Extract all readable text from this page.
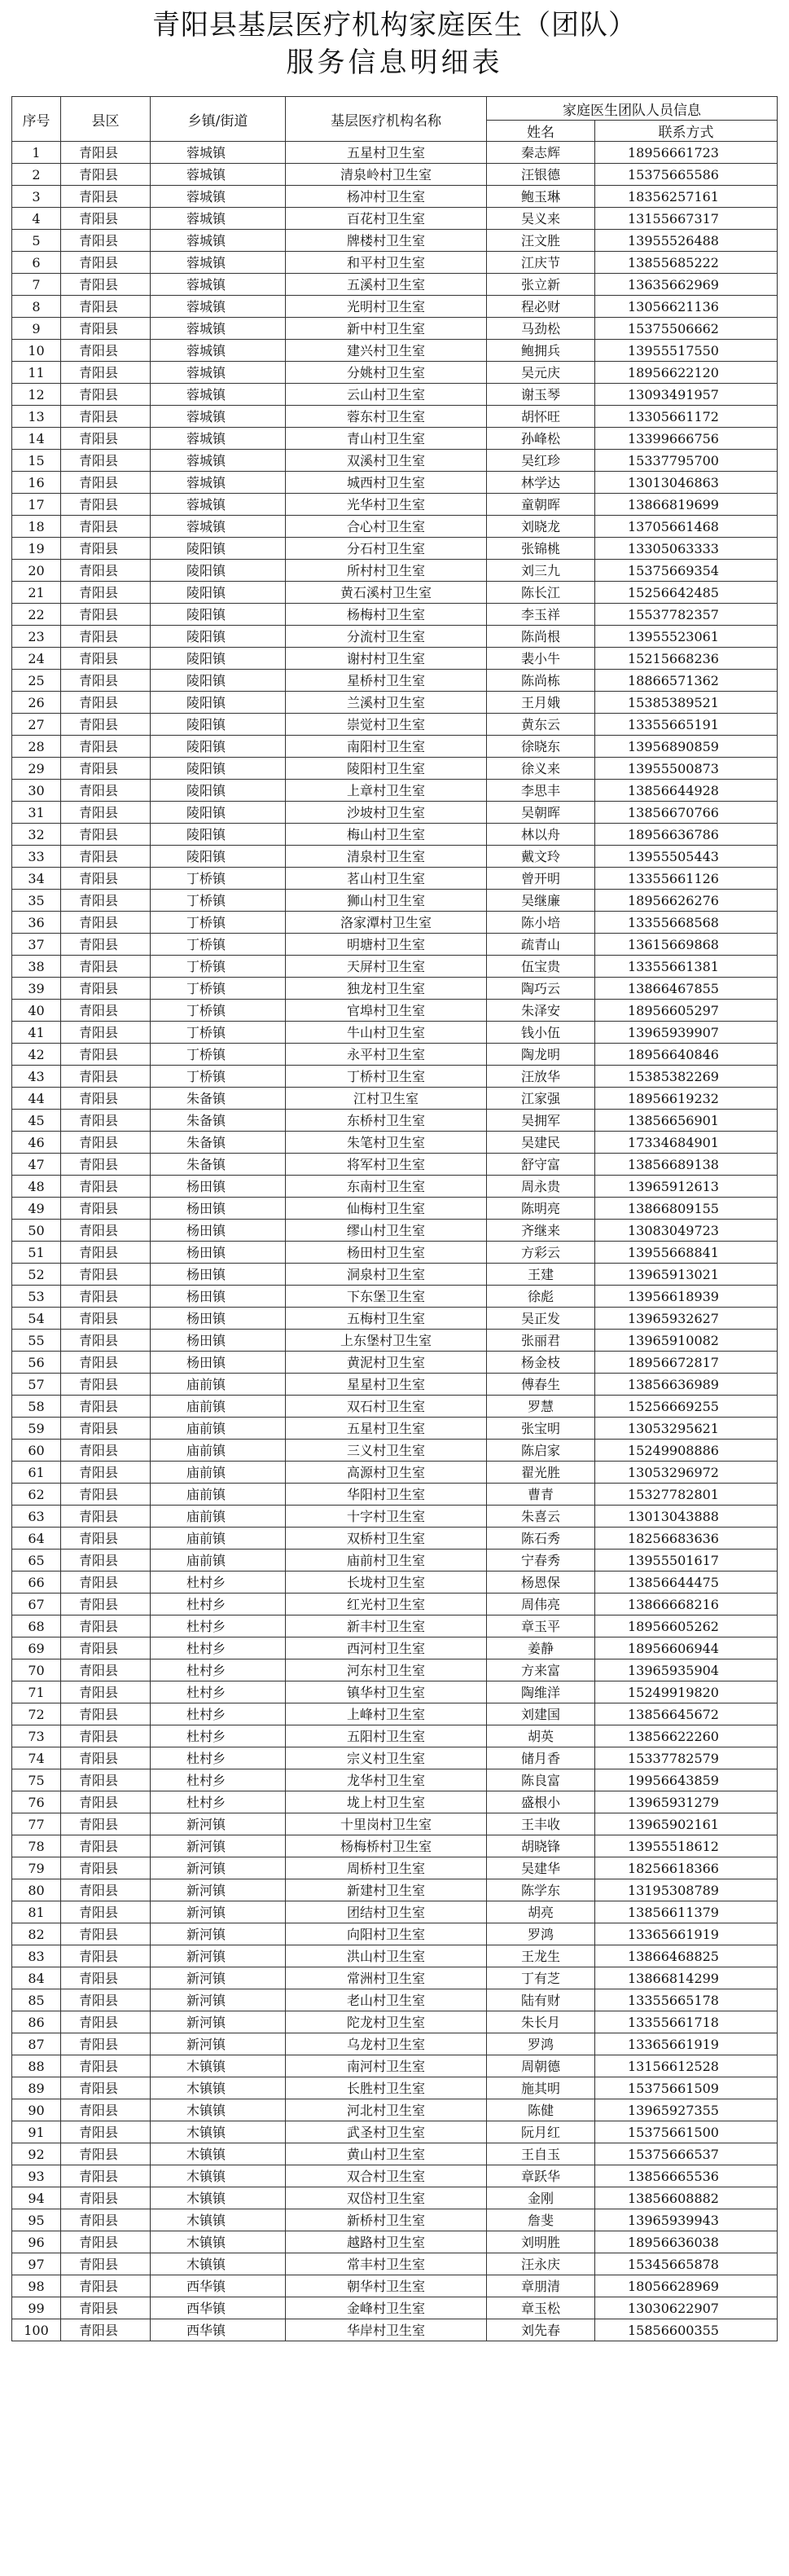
青阳县基层医疗机构家庭医生（团队）
服务信息明细表
序号	县区	乡镇/街道	基层医疗机构名称	家庭医生团队人员信息	
				姓名	联系方式
1	青阳县	蓉城镇	五星村卫生室	秦志辉	18956661723
2	青阳县	蓉城镇	清泉岭村卫生室	汪银德	15375665586
3	青阳县	蓉城镇	杨冲村卫生室	鲍玉琳	18356257161
4	青阳县	蓉城镇	百花村卫生室	吴义来	13155667317
5	青阳县	蓉城镇	牌楼村卫生室	汪文胜	13955526488
6	青阳县	蓉城镇	和平村卫生室	江庆节	13855685222
7	青阳县	蓉城镇	五溪村卫生室	张立新	13635662969
8	青阳县	蓉城镇	光明村卫生室	程必财	13056621136
9	青阳县	蓉城镇	新中村卫生室	马劲松	15375506662
10	青阳县	蓉城镇	建兴村卫生室	鲍拥兵	13955517550
11	青阳县	蓉城镇	分姚村卫生室	吴元庆	18956622120
12	青阳县	蓉城镇	云山村卫生室	谢玉琴	13093491957
13	青阳县	蓉城镇	蓉东村卫生室	胡怀旺	13305661172
14	青阳县	蓉城镇	青山村卫生室	孙峰松	13399666756
15	青阳县	蓉城镇	双溪村卫生室	吴红珍	15337795700
16	青阳县	蓉城镇	城西村卫生室	林学达	13013046863
17	青阳县	蓉城镇	光华村卫生室	童朝晖	13866819699
18	青阳县	蓉城镇	合心村卫生室	刘晓龙	13705661468
19	青阳县	陵阳镇	分石村卫生室	张锦桃	13305063333
20	青阳县	陵阳镇	所村村卫生室	刘三九	15375669354
21	青阳县	陵阳镇	黄石溪村卫生室	陈长江	15256642485
22	青阳县	陵阳镇	杨梅村卫生室	李玉祥	15537782357
23	青阳县	陵阳镇	分流村卫生室	陈尚根	13955523061
24	青阳县	陵阳镇	谢村村卫生室	裴小牛	15215668236
25	青阳县	陵阳镇	星桥村卫生室	陈尚栋	18866571362
26	青阳县	陵阳镇	兰溪村卫生室	王月娥	15385389521
27	青阳县	陵阳镇	崇觉村卫生室	黄东云	13355665191
28	青阳县	陵阳镇	南阳村卫生室	徐晓东	13956890859
29	青阳县	陵阳镇	陵阳村卫生室	徐义来	13955500873
30	青阳县	陵阳镇	上章村卫生室	李思丰	13856644928
31	青阳县	陵阳镇	沙坡村卫生室	吴朝晖	13856670766
32	青阳县	陵阳镇	梅山村卫生室	林以舟	18956636786
33	青阳县	陵阳镇	清泉村卫生室	戴文玲	13955505443
34	青阳县	丁桥镇	茗山村卫生室	曾开明	13355661126
35	青阳县	丁桥镇	狮山村卫生室	吴继廉	18956626276
36	青阳县	丁桥镇	洛家潭村卫生室	陈小培	13355668568
37	青阳县	丁桥镇	明塘村卫生室	疏青山	13615669868
38	青阳县	丁桥镇	天屏村卫生室	伍宝贵	13355661381
39	青阳县	丁桥镇	独龙村卫生室	陶巧云	13866467855
40	青阳县	丁桥镇	官埠村卫生室	朱泽安	18956605297
41	青阳县	丁桥镇	牛山村卫生室	钱小伍	13965939907
42	青阳县	丁桥镇	永平村卫生室	陶龙明	18956640846
43	青阳县	丁桥镇	丁桥村卫生室	汪放华	15385382269
44	青阳县	朱备镇	江村卫生室	江家强	18956619232
45	青阳县	朱备镇	东桥村卫生室	吴拥军	13856656901
46	青阳县	朱备镇	朱笔村卫生室	吴建民	17334684901
47	青阳县	朱备镇	将军村卫生室	舒守富	13856689138
48	青阳县	杨田镇	东南村卫生室	周永贵	13965912613
49	青阳县	杨田镇	仙梅村卫生室	陈明亮	13866809155
50	青阳县	杨田镇	缪山村卫生室	齐继来	13083049723
51	青阳县	杨田镇	杨田村卫生室	方彩云	13955668841
52	青阳县	杨田镇	洞泉村卫生室	王建	13965913021
53	青阳县	杨田镇	下东堡卫生室	徐彪	13956618939
54	青阳县	杨田镇	五梅村卫生室	吴正发	13965932627
55	青阳县	杨田镇	上东堡村卫生室	张丽君	13965910082
56	青阳县	杨田镇	黄泥村卫生室	杨金枝	18956672817
57	青阳县	庙前镇	星星村卫生室	傅春生	13856636989
58	青阳县	庙前镇	双石村卫生室	罗慧	15256669255
59	青阳县	庙前镇	五星村卫生室	张宝明	13053295621
60	青阳县	庙前镇	三义村卫生室	陈启家	15249908886
61	青阳县	庙前镇	高源村卫生室	翟光胜	13053296972
62	青阳县	庙前镇	华阳村卫生室	曹青	15327782801
63	青阳县	庙前镇	十字村卫生室	朱喜云	13013043888
64	青阳县	庙前镇	双桥村卫生室	陈石秀	18256683636
65	青阳县	庙前镇	庙前村卫生室	宁春秀	13955501617
66	青阳县	杜村乡	长垅村卫生室	杨恩保	13856644475
67	青阳县	杜村乡	红光村卫生室	周伟亮	13866668216
68	青阳县	杜村乡	新丰村卫生室	章玉平	18956605262
69	青阳县	杜村乡	西河村卫生室	姜静	18956606944
70	青阳县	杜村乡	河东村卫生室	方来富	13965935904
71	青阳县	杜村乡	镇华村卫生室	陶维洋	15249919820
72	青阳县	杜村乡	上峰村卫生室	刘建国	13856645672
73	青阳县	杜村乡	五阳村卫生室	胡英	13856622260
74	青阳县	杜村乡	宗义村卫生室	储月香	15337782579
75	青阳县	杜村乡	龙华村卫生室	陈良富	19956643859
76	青阳县	杜村乡	垅上村卫生室	盛根小	13965931279
77	青阳县	新河镇	十里岗村卫生室	王丰收	13965902161
78	青阳县	新河镇	杨梅桥村卫生室	胡晓锋	13955518612
79	青阳县	新河镇	周桥村卫生室	吴建华	18256618366
80	青阳县	新河镇	新建村卫生室	陈学东	13195308789
81	青阳县	新河镇	团结村卫生室	胡亮	13856611379
82	青阳县	新河镇	向阳村卫生室	罗鸿	13365661919
83	青阳县	新河镇	洪山村卫生室	王龙生	13866468825
84	青阳县	新河镇	常洲村卫生室	丁有芝	13866814299
85	青阳县	新河镇	老山村卫生室	陆有财	13355665178
86	青阳县	新河镇	陀龙村卫生室	朱长月	13355661718
87	青阳县	新河镇	乌龙村卫生室	罗鸿	13365661919
88	青阳县	木镇镇	南河村卫生室	周朝德	13156612528
89	青阳县	木镇镇	长胜村卫生室	施其明	15375661509
90	青阳县	木镇镇	河北村卫生室	陈健	13965927355
91	青阳县	木镇镇	武圣村卫生室	阮月红	15375661500
92	青阳县	木镇镇	黄山村卫生室	王自玉	15375666537
93	青阳县	木镇镇	双合村卫生室	章跃华	13856665536
94	青阳县	木镇镇	双岱村卫生室	金刚	13856608882
95	青阳县	木镇镇	新桥村卫生室	詹斐	13965939943
96	青阳县	木镇镇	越路村卫生室	刘明胜	18956636038
97	青阳县	木镇镇	常丰村卫生室	汪永庆	15345665878
98	青阳县	西华镇	朝华村卫生室	章朋清	18056628969
99	青阳县	西华镇	金峰村卫生室	章玉松	13030622907
100	青阳县	西华镇	华岸村卫生室	刘先春	15856600355
